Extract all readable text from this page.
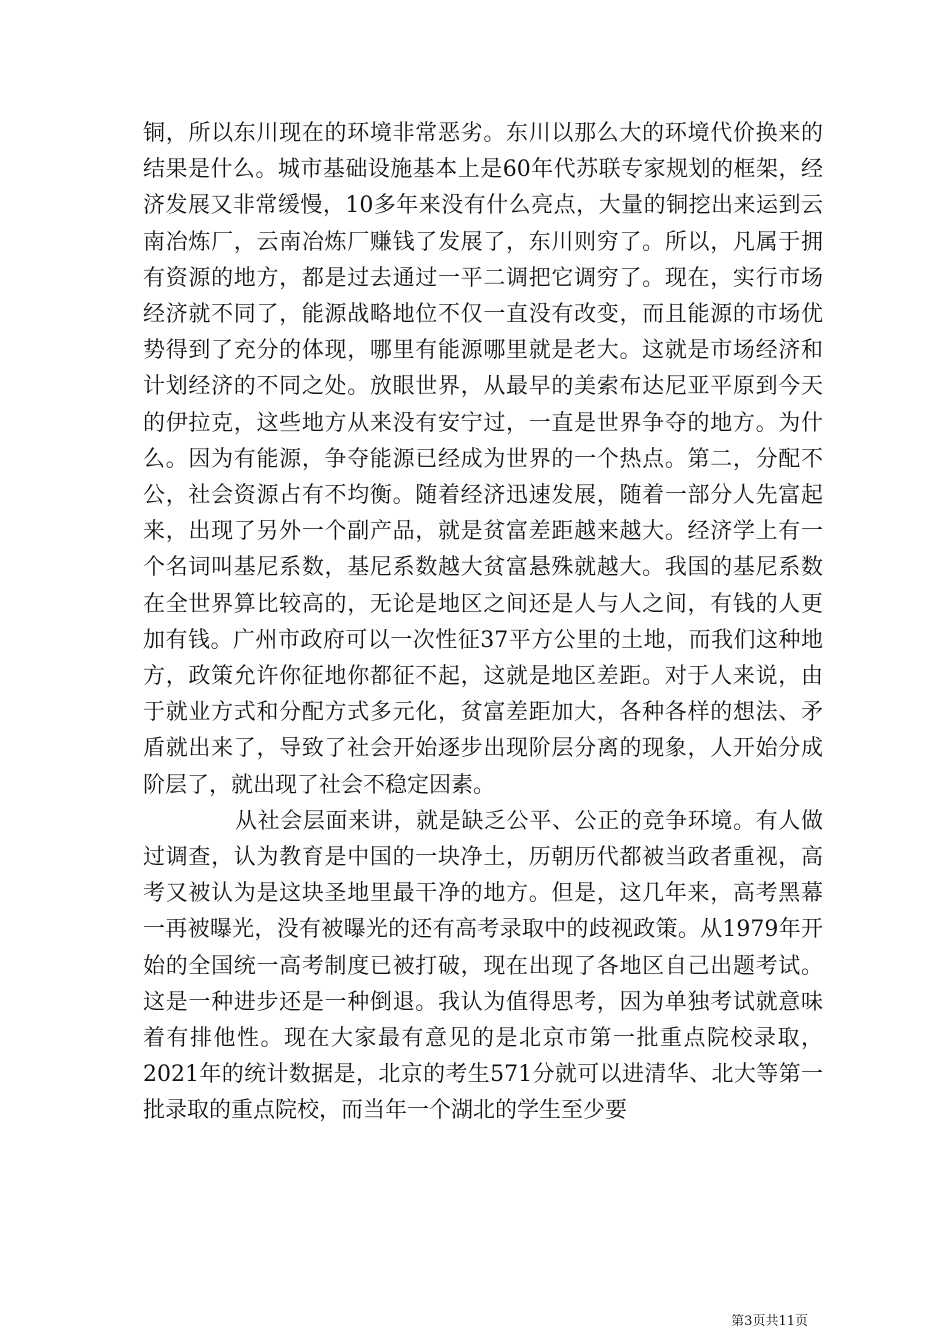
铜，所以东川现在的环境非常恶劣。东川以那么大的环境代价换来的结果是什么。城市基础设施基本上是60年代苏联专家规划的框架，经济发展又非常缓慢，10多年来没有什么亮点，大量的铜挖出来运到云南冶炼厂，云南冶炼厂赚钱了发展了，东川则穷了。所以，凡属于拥有资源的地方，都是过去通过一平二调把它调穷了。现在，实行市场经济就不同了，能源战略地位不仅一直没有改变，而且能源的市场优势得到了充分的体现，哪里有能源哪里就是老大。这就是市场经济和计划经济的不同之处。放眼世界，从最早的美索布达尼亚平原到今天的伊拉克，这些地方从来没有安宁过，一直是世界争夺的地方。为什么。因为有能源，争夺能源已经成为世界的一个热点。第二，分配不公，社会资源占有不均衡。随着经济迅速发展，随着一部分人先富起来，出现了另外一个副产品，就是贫富差距越来越大。经济学上有一个名词叫基尼系数，基尼系数越大贫富悬殊就越大。我国的基尼系数在全世界算比较高的，无论是地区之间还是人与人之间，有钱的人更加有钱。广州市政府可以一次性征37平方公里的土地，而我们这种地方，政策允许你征地你都征不起，这就是地区差距。对于人来说，由于就业方式和分配方式多元化，贫富差距加大，各种各样的想法、矛盾就出来了，导致了社会开始逐步出现阶层分离的现象，人开始分成阶层了，就出现了社会不稳定因素。

从社会层面来讲，就是缺乏公平、公正的竞争环境。有人做过调查，认为教育是中国的一块净土，历朝历代都被当政者重视，高考又被认为是这块圣地里最干净的地方。但是，这几年来，高考黑幕一再被曝光，没有被曝光的还有高考录取中的歧视政策。从1979年开始的全国统一高考制度已被打破，现在出现了各地区自己出题考试。这是一种进步还是一种倒退。我认为值得思考，因为单独考试就意味着有排他性。现在大家最有意见的是北京市第一批重点院校录取，2021年的统计数据是，北京的考生571分就可以进清华、北大等第一批录取的重点院校，而当年一个湖北的学生至少要

第3页共11页
